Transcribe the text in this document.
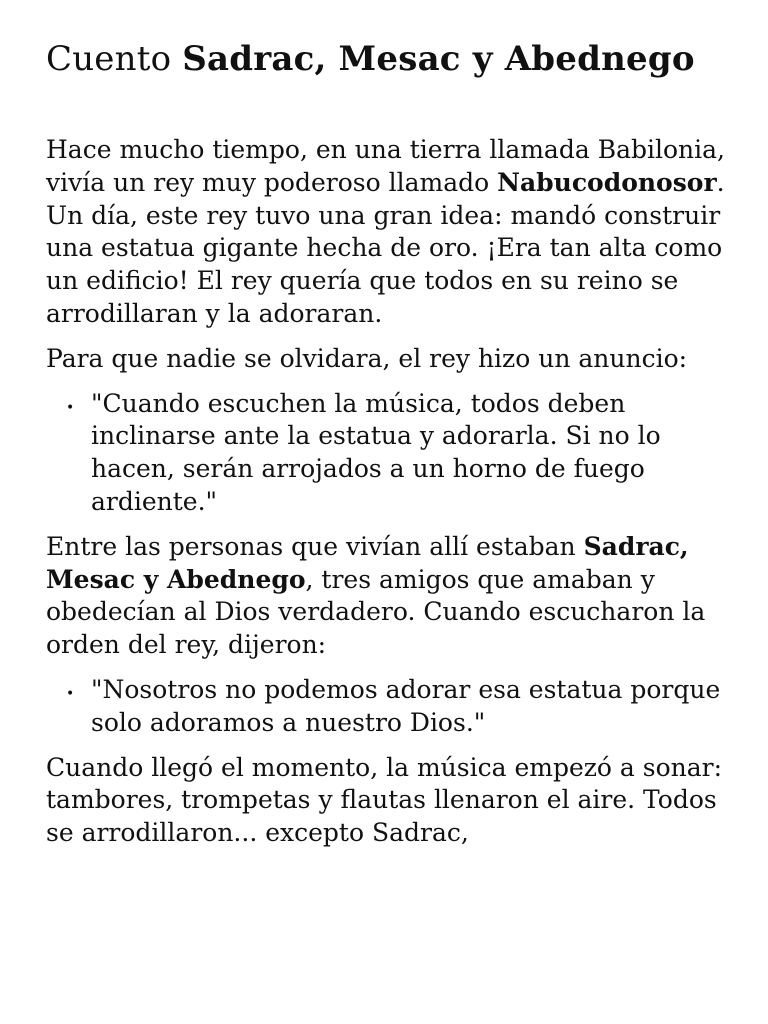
Cuento Sadrac, Mesac y Abednego

Hace mucho tiempo, en una tierra llamada Babilonia, vivía un rey muy poderoso llamado Nabucodonosor. Un día, este rey tuvo una gran idea: mandó construir una estatua gigante hecha de oro. ¡Era tan alta como un edificio! El rey quería que todos en su reino se arrodillaran y la adoraran.

Para que nadie se olvidara, el rey hizo un anuncio:

• "Cuando escuchen la música, todos deben inclinarse ante la estatua y adorarla. Si no lo hacen, serán arrojados a un horno de fuego ardiente."

Entre las personas que vivían allí estaban Sadrac, Mesac y Abednego, tres amigos que amaban y obedecían al Dios verdadero. Cuando escucharon la orden del rey, dijeron:

• "Nosotros no podemos adorar esa estatua porque solo adoramos a nuestro Dios."

Cuando llegó el momento, la música empezó a sonar: tambores, trompetas y flautas llenaron el aire. Todos se arrodillaron... excepto Sadrac,
